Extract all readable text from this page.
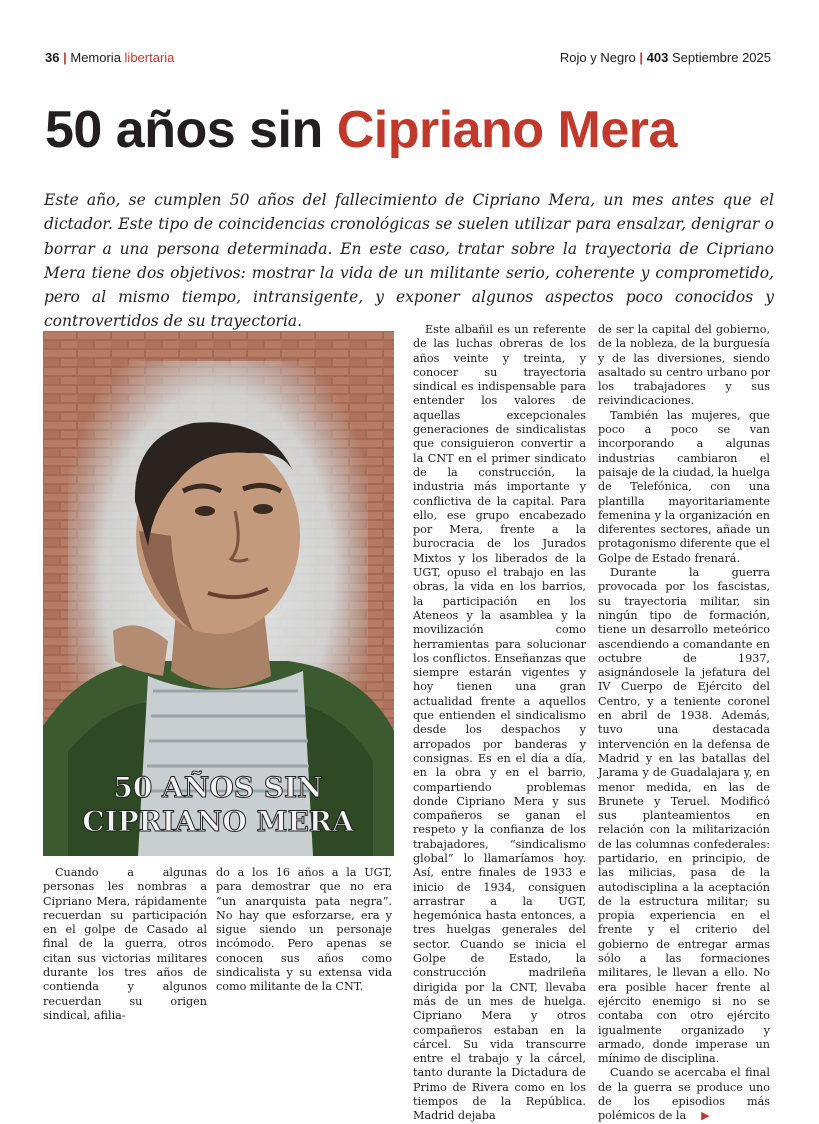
36 | Memoria libertaria	Rojo y Negro | 403 Septiembre 2025
50 años sin Cipriano Mera
Este año, se cumplen 50 años del fallecimiento de Cipriano Mera, un mes antes que el dictador. Este tipo de coincidencias cronológicas se suelen utilizar para ensalzar, denigrar o borrar a una persona determinada. En este caso, tratar sobre la trayectoria de Cipriano Mera tiene dos objetivos: mostrar la vida de un militante serio, coherente y comprometido, pero al mismo tiempo, intransigente, y exponer algunos aspectos poco conocidos y controvertidos de su trayectoria.
50 AÑOS SIN
CIPRIANO MERA

Cuando a algunas personas les nombras a Cipriano Mera, rápidamente recuerdan su participación en el golpe de Casado al final de la guerra, otros citan sus victorias militares durante los tres años de contienda y algunos recuerdan su origen sindical, afilia-

do a los 16 años a la UGT, para demostrar que no era “un anarquista pata negra”. No hay que esforzarse, era y sigue siendo un personaje incómodo. Pero apenas se conocen sus años como sindicalista y su extensa vida como militante de la CNT.

Este albañil es un referente de las luchas obreras de los años veinte y treinta, y conocer su trayectoria sindical es indispensable para entender los valores de aquellas excepcionales generaciones de sindicalistas que consiguieron convertir a la CNT en el primer sindicato de la construcción, la industria más importante y conflictiva de la capital. Para ello, ese grupo encabezado por Mera, frente a la burocracia de los Jurados Mixtos y los liberados de la UGT, opuso el trabajo en las obras, la vida en los barrios, la participación en los Ateneos y la asamblea y la movilización como herramientas para solucionar los conflictos. Enseñanzas que siempre estarán vigentes y hoy tienen una gran actualidad frente a aquellos que entienden el sindicalismo desde los despachos y arropados por banderas y consignas. Es en el día a día, en la obra y en el barrio, compartiendo problemas donde Cipriano Mera y sus compañeros se ganan el respeto y la confianza de los trabajadores, “sindicalismo global” lo llamaríamos hoy. Así, entre finales de 1933 e inicio de 1934, consiguen arrastrar a la UGT, hegemónica hasta entonces, a tres huelgas generales del sector. Cuando se inicia el Golpe de Estado, la construcción madrileña dirigida por la CNT, llevaba más de un mes de huelga. Cipriano Mera y otros compañeros estaban en la cárcel. Su vida transcurre entre el trabajo y la cárcel, tanto durante la Dictadura de Primo de Rivera como en los tiempos de la República. Madrid dejaba

de ser la capital del gobierno, de la nobleza, de la burguesía y de las diversiones, siendo asaltado su centro urbano por los trabajadores y sus reivindicaciones.

También las mujeres, que poco a poco se van incorporando a algunas industrias cambiaron el paisaje de la ciudad, la huelga de Telefónica, con una plantilla mayoritariamente femenina y la organización en diferentes sectores, añade un protagonismo diferente que el Golpe de Estado frenará.

Durante la guerra provocada por los fascistas, su trayectoria militar, sin ningún tipo de formación, tiene un desarrollo meteórico ascendiendo a comandante en octubre de 1937, asignándosele la jefatura del IV Cuerpo de Ejército del Centro, y a teniente coronel en abril de 1938. Además, tuvo una destacada intervención en la defensa de Madrid y en las batallas del Jarama y de Guadalajara y, en menor medida, en las de Brunete y Teruel. Modificó sus planteamientos en relación con la militarización de las columnas confederales: partidario, en principio, de las milicias, pasa de la autodisciplina a la aceptación de la estructura militar; su propia experiencia en el frente y el criterio del gobierno de entregar armas sólo a las formaciones militares, le llevan a ello. No era posible hacer frente al ejército enemigo si no se contaba con otro ejército igualmente organizado y armado, donde imperase un mínimo de disciplina.

Cuando se acercaba el final de la guerra se produce uno de los episodios más polémicos de la ▶
